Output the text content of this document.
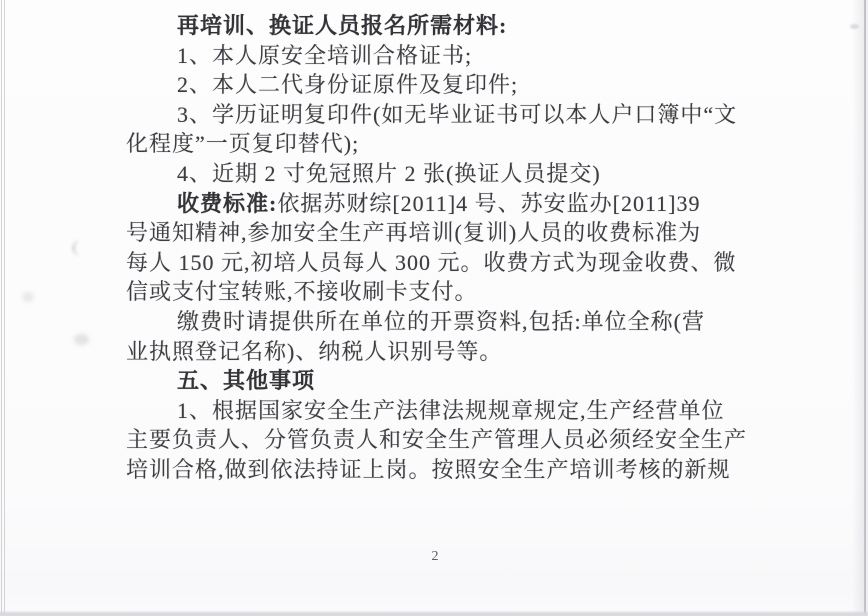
再培训、换证人员报名所需材料:
1、本人原安全培训合格证书;
2、本人二代身份证原件及复印件;
3、学历证明复印件(如无毕业证书可以本人户口簿中“文
化程度”一页复印替代);
4、近期 2 寸免冠照片 2 张(换证人员提交)
收费标准:依据苏财综[2011]4 号、苏安监办[2011]39
号通知精神,参加安全生产再培训(复训)人员的收费标准为
每人 150 元,初培人员每人 300 元。收费方式为现金收费、微
信或支付宝转账,不接收刷卡支付。
缴费时请提供所在单位的开票资料,包括:单位全称(营
业执照登记名称)、纳税人识别号等。
五、其他事项
1、根据国家安全生产法律法规规章规定,生产经营单位
主要负责人、分管负责人和安全生产管理人员必须经安全生产
培训合格,做到依法持证上岗。按照安全生产培训考核的新规
2
